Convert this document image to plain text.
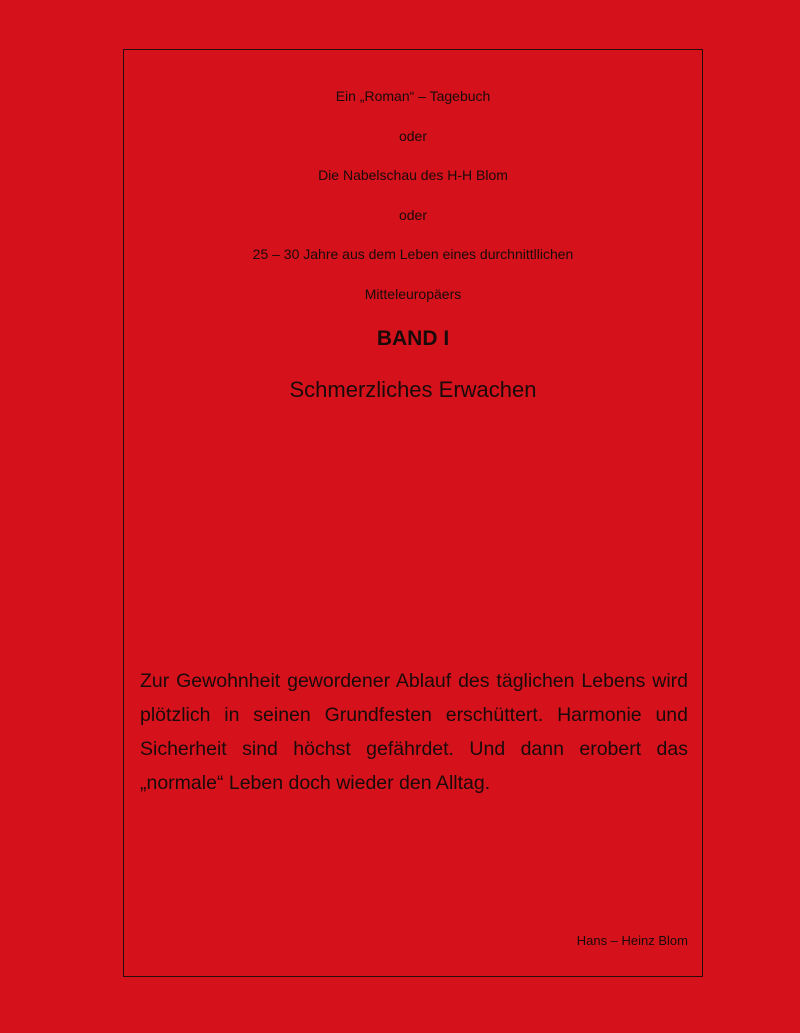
Ein „Roman“ – Tagebuch
oder
Die Nabelschau des H-H Blom
oder
25 – 30 Jahre aus dem Leben eines durchnittllichen
Mitteleuropäers
BAND I
Schmerzliches Erwachen

Zur Gewohnheit gewordener Ablauf des täglichen Lebens wird plötzlich in seinen Grundfesten erschüttert. Harmonie und Sicherheit sind höchst gefährdet. Und dann erobert das „normale“ Leben doch wieder den Alltag.

Hans – Heinz Blom
